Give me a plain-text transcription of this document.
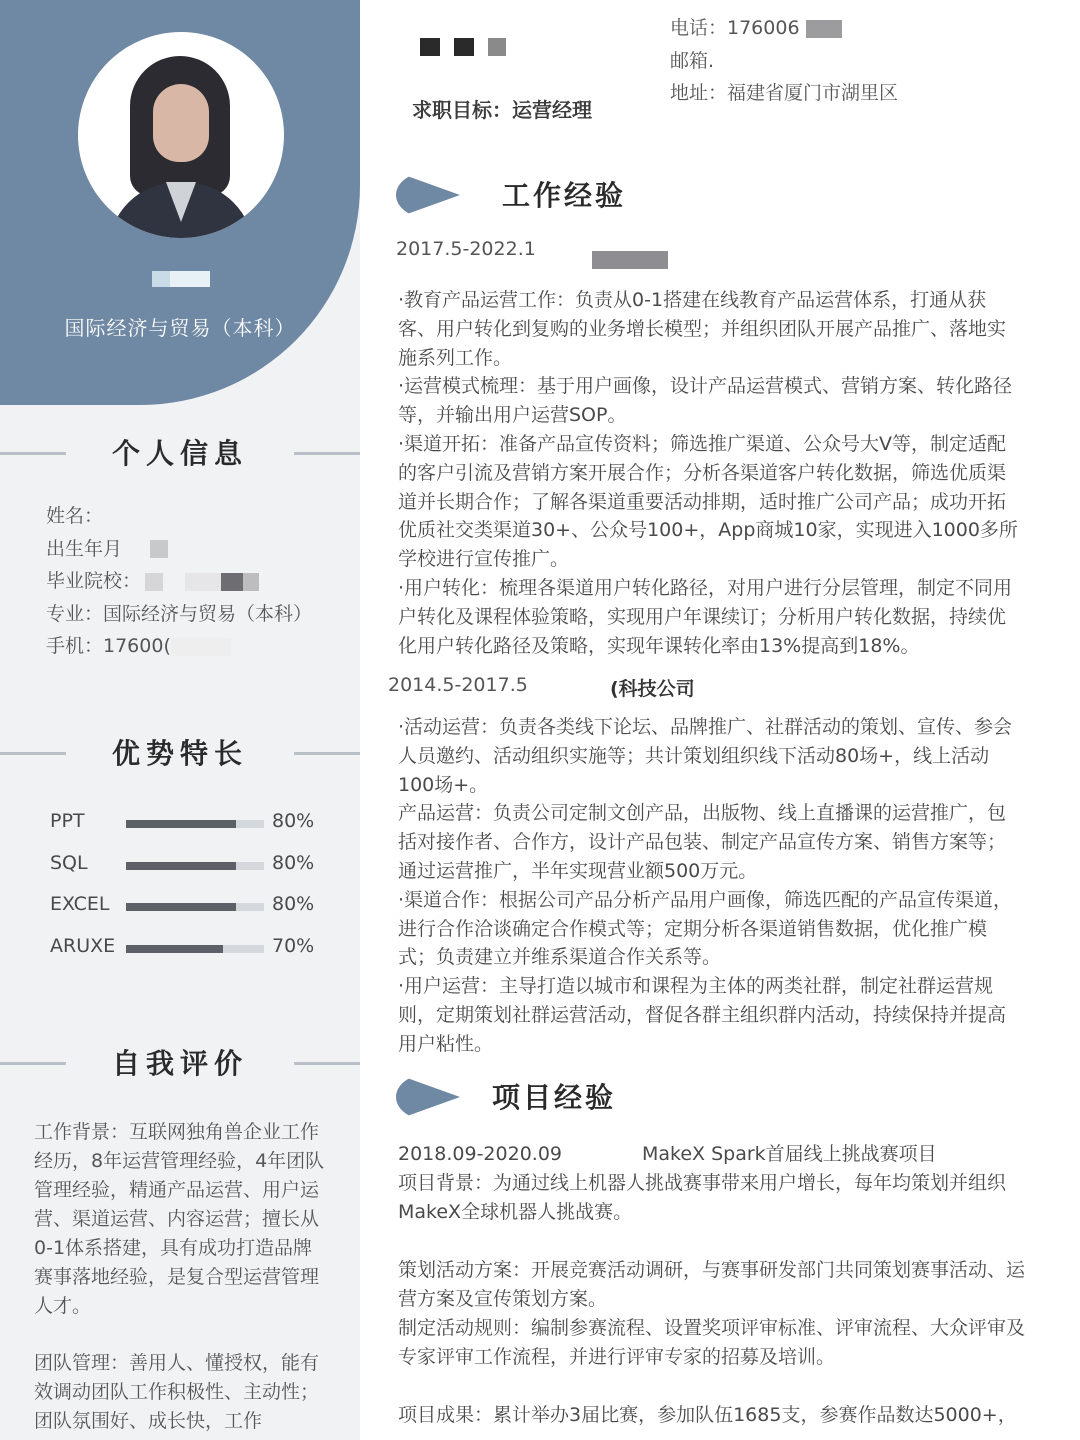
国际经济与贸易（本科）
个人信息
姓名：
出生年月
毕业院校：
专业：国际经济与贸易（本科）
手机：17600(
优势特长
PPT	80%
SQL	80%
EXCEL	80%
ARUXE	70%
自我评价

工作背景：互联网独角兽企业工作经历，8年运营管理经验，4年团队管理经验，精通产品运营、用户运营、渠道运营、内容运营；擅长从0-1体系搭建，具有成功打造品牌赛事落地经验，是复合型运营管理人才。

团队管理：善用人、懂授权，能有效调动团队工作积极性、主动性；团队氛围好、成长快，工作

求职目标：运营经理
电话：176006
邮箱.
地址：福建省厦门市湖里区
工作经验
2017.5-2022.1

·教育产品运营工作：负责从0-1搭建在线教育产品运营体系，打通从获客、用户转化到复购的业务增长模型；并组织团队开展产品推广、落地实施系列工作。

·运营模式梳理：基于用户画像，设计产品运营模式、营销方案、转化路径等，并输出用户运营SOP。

·渠道开拓：准备产品宣传资料；筛选推广渠道、公众号大V等，制定适配的客户引流及营销方案开展合作；分析各渠道客户转化数据，筛选优质渠道并长期合作；了解各渠道重要活动排期，适时推广公司产品；成功开拓优质社交类渠道30+、公众号100+，App商城10家，实现进入1000多所学校进行宣传推广。

·用户转化：梳理各渠道用户转化路径，对用户进行分层管理，制定不同用户转化及课程体验策略，实现用户年课续订；分析用户转化数据，持续优化用户转化路径及策略，实现年课转化率由13%提高到18%。

2014.5-2017.5	(科技公司

·活动运营：负责各类线下论坛、品牌推广、社群活动的策划、宣传、参会人员邀约、活动组织实施等；共计策划组织线下活动80场+，线上活动100场+。

产品运营：负责公司定制文创产品，出版物、线上直播课的运营推广，包括对接作者、合作方，设计产品包装、制定产品宣传方案、销售方案等；通过运营推广，半年实现营业额500万元。

·渠道合作：根据公司产品分析产品用户画像，筛选匹配的产品宣传渠道，进行合作洽谈确定合作模式等；定期分析各渠道销售数据，优化推广模式；负责建立并维系渠道合作关系等。

·用户运营：主导打造以城市和课程为主体的两类社群，制定社群运营规则，定期策划社群运营活动，督促各群主组织群内活动，持续保持并提高用户粘性。

项目经验

2018.09-2020.09	MakeX Spark首届线上挑战赛项目

项目背景：为通过线上机器人挑战赛事带来用户增长，每年均策划并组织MakeX全球机器人挑战赛。

策划活动方案：开展竞赛活动调研，与赛事研发部门共同策划赛事活动、运营方案及宣传策划方案。

制定活动规则：编制参赛流程、设置奖项评审标准、评审流程、大众评审及专家评审工作流程，并进行评审专家的招募及培训。

项目成果：累计举办3届比赛，参加队伍1685支，参赛作品数达5000+，
